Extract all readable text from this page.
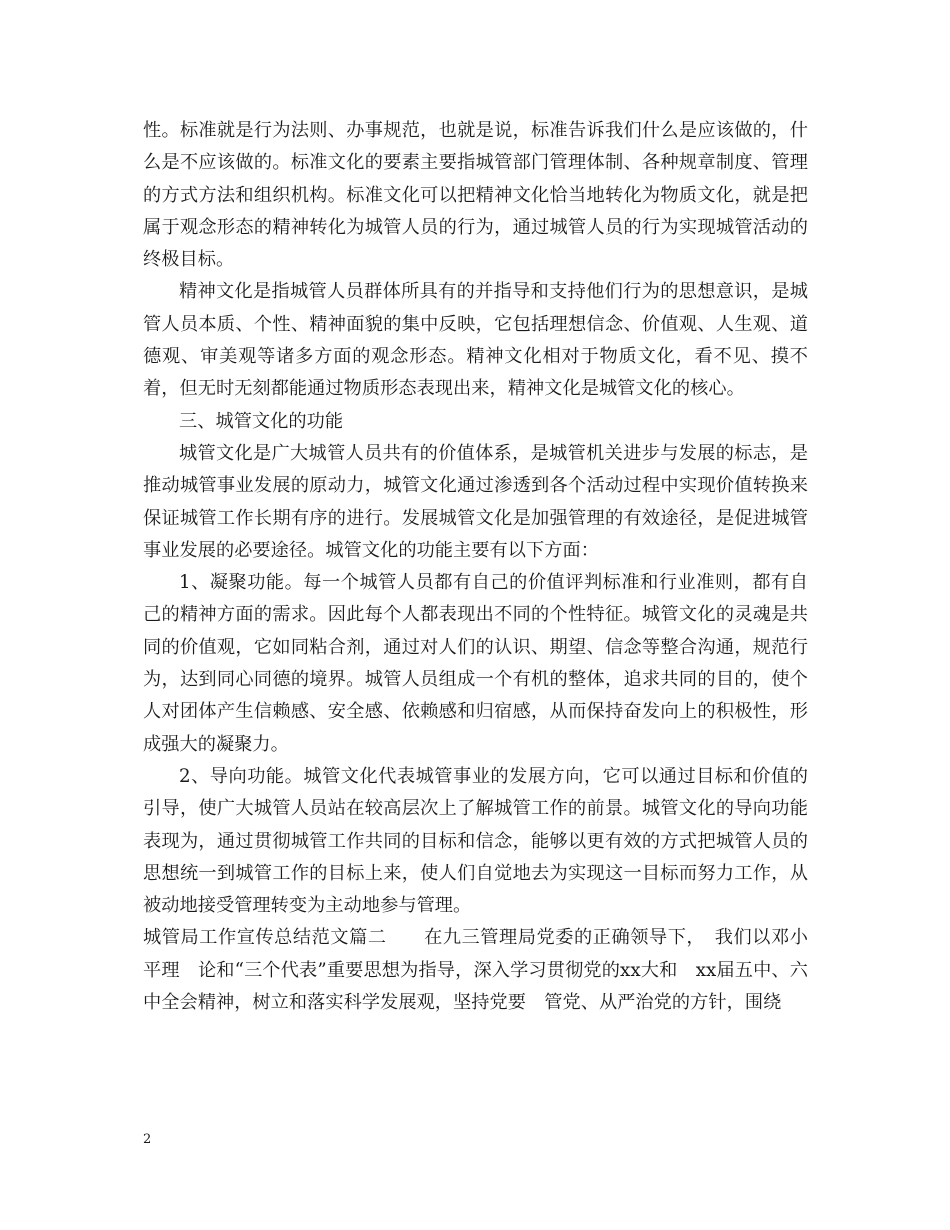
性。标准就是行为法则、办事规范，也就是说，标准告诉我们什么是应该做的，什么是不应该做的。标准文化的要素主要指城管部门管理体制、各种规章制度、管理的方式方法和组织机构。标准文化可以把精神文化恰当地转化为物质文化，就是把属于观念形态的精神转化为城管人员的行为，通过城管人员的行为实现城管活动的终极目标。

精神文化是指城管人员群体所具有的并指导和支持他们行为的思想意识，是城管人员本质、个性、精神面貌的集中反映，它包括理想信念、价值观、人生观、道德观、审美观等诸多方面的观念形态。精神文化相对于物质文化，看不见、摸不着，但无时无刻都能通过物质形态表现出来，精神文化是城管文化的核心。

三、城管文化的功能

城管文化是广大城管人员共有的价值体系，是城管机关进步与发展的标志，是推动城管事业发展的原动力，城管文化通过渗透到各个活动过程中实现价值转换来保证城管工作长期有序的进行。发展城管文化是加强管理的有效途径，是促进城管事业发展的必要途径。城管文化的功能主要有以下方面：

1、凝聚功能。每一个城管人员都有自己的价值评判标准和行业准则，都有自己的精神方面的需求。因此每个人都表现出不同的个性特征。城管文化的灵魂是共同的价值观，它如同粘合剂，通过对人们的认识、期望、信念等整合沟通，规范行为，达到同心同德的境界。城管人员组成一个有机的整体，追求共同的目的，使个人对团体产生信赖感、安全感、依赖感和归宿感，从而保持奋发向上的积极性，形成强大的凝聚力。

2、导向功能。城管文化代表城管事业的发展方向，它可以通过目标和价值的引导，使广大城管人员站在较高层次上了解城管工作的前景。城管文化的导向功能表现为，通过贯彻城管工作共同的目标和信念，能够以更有效的方式把城管人员的思想统一到城管工作的目标上来，使人们自觉地去为实现这一目标而努力工作，从被动地接受管理转变为主动地参与管理。

城管局工作宣传总结范文篇二　　在九三管理局党委的正确领导下，　我们以邓小平理　论和“三个代表”重要思想为指导，深入学习贯彻党的xx大和　xx届五中、六中全会精神，树立和落实科学发展观，坚持党要　管党、从严治党的方针，围绕

2
